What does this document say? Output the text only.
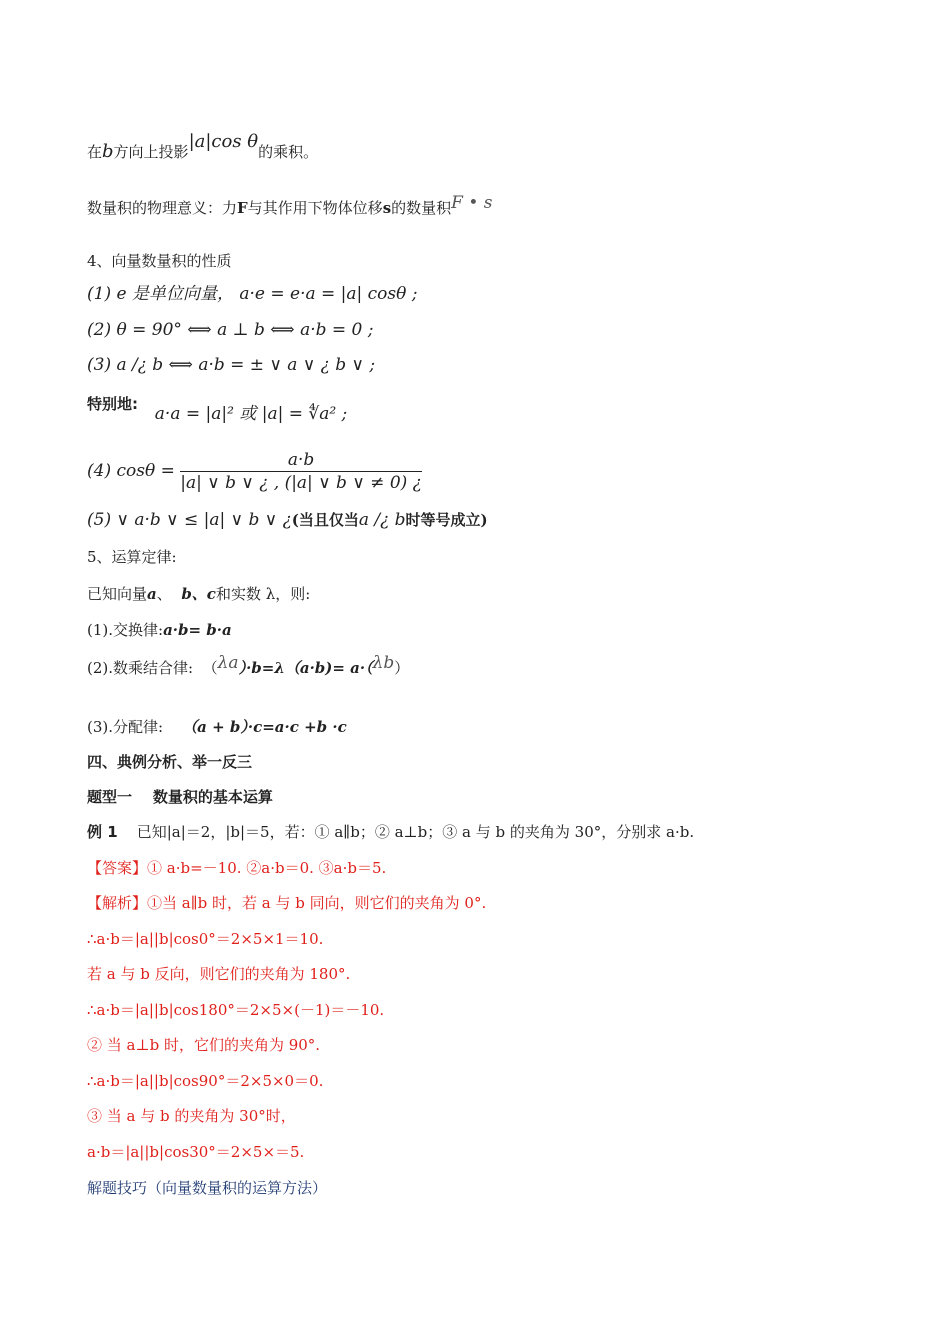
在b方向上投影|a|cos θ的乘积。
数量积的物理意义：力F与其作用下物体位移s的数量积F • s
4、向量数量积的性质
(1) e 是单位向量， a·e = e·a = |a| cosθ ;
(2) θ = 90° ⟺ a ⊥ b ⟺ a·b = 0 ;
(3) a /¿ b ⟺ a·b = ± ∨ a ∨ ¿ b ∨ ;
特别地: a·a = |a|² 或 |a| = ∜a² ;
(4) $\cos\theta = \frac{a\cdot b}{|a| \vee b \vee ¿ , (|a| \vee b \vee \ne 0) ¿}$
(5) ∨ a·b ∨ ≤ |a| ∨ b ∨ ¿(当且仅当a /¿ b时等号成立)
5、运算定律:
已知向量a、 b、c和实数 λ，则:
(1).交换律:a·b= b·a
(2).数乘结合律: （λa）·b=λ（a·b)= a·（λb）
(3).分配律: （a + b）·c=a·c +b ·c
四、典例分析、举一反三
题型一    数量积的基本运算
例 1 已知|a|＝2，|b|＝5，若：① a∥b；② a⊥b；③ a 与 b 的夹角为 30°，分别求 a·b.
【答案】① a·b=－10. ②a·b＝0. ③a·b＝5.
【解析】①当 a∥b 时，若 a 与 b 同向，则它们的夹角为 0°.
∴a·b＝|a||b|cos0°＝2×5×1＝10.
若 a 与 b 反向，则它们的夹角为 180°.
∴a·b＝|a||b|cos180°＝2×5×(－1)＝－10.
② 当 a⊥b 时，它们的夹角为 90°.
∴a·b＝|a||b|cos90°＝2×5×0＝0.
③ 当 a 与 b 的夹角为 30°时，
a·b＝|a||b|cos30°＝2×5×＝5.
解题技巧（向量数量积的运算方法）
